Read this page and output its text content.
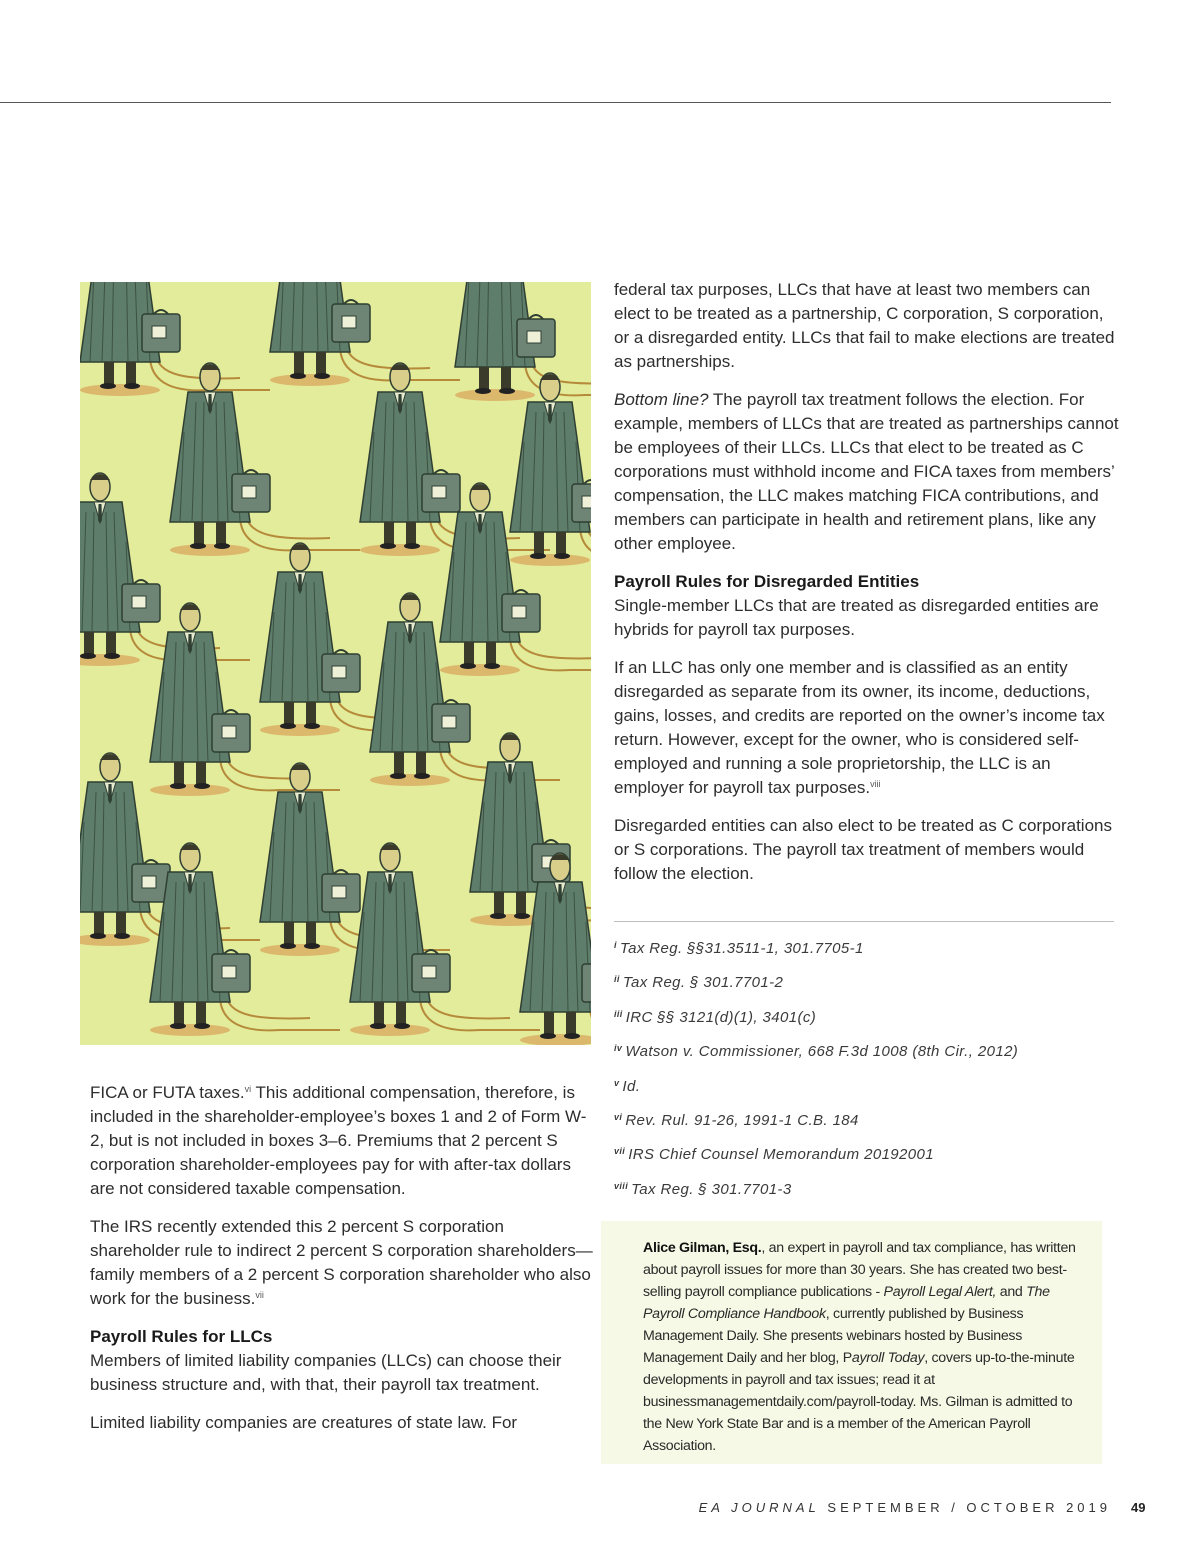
FICA or FUTA taxes.$^{vi}$ This additional compensation, therefore, is included in the shareholder-employee’s boxes 1 and 2 of Form W-2, but is not included in boxes 3–6. Premiums that 2 percent S corporation shareholder-employees pay for with after-tax dollars are not considered taxable compensation.

The IRS recently extended this 2 percent S corporation shareholder rule to indirect 2 percent S corporation shareholders—family members of a 2 percent S corporation shareholder who also work for the business.$^{vii}$

Payroll Rules for LLCs

Members of limited liability companies (LLCs) can choose their business structure and, with that, their payroll tax treatment.

Limited liability companies are creatures of state law. For

federal tax purposes, LLCs that have at least two members can elect to be treated as a partnership, C corporation, S corporation, or a disregarded entity. LLCs that fail to make elections are treated as partnerships.

Bottom line? The payroll tax treatment follows the election. For example, members of LLCs that are treated as partnerships cannot be employees of their LLCs. LLCs that elect to be treated as C corporations must withhold income and FICA taxes from members’ compensation, the LLC makes matching FICA contributions, and members can participate in health and retirement plans, like any other employee.

Payroll Rules for Disregarded Entities

Single-member LLCs that are treated as disregarded entities are hybrids for payroll tax purposes.

If an LLC has only one member and is classified as an entity disregarded as separate from its owner, its income, deductions, gains, losses, and credits are reported on the owner’s income tax return. However, except for the owner, who is considered self-employed and running a sole proprietorship, the LLC is an employer for payroll tax purposes.$^{viii}$

Disregarded entities can also elect to be treated as C corporations or S corporations. The payroll tax treatment of members would follow the election.

$^i$ Tax Reg. §§31.3511-1, 301.7705-1
$^{ii}$ Tax Reg. § 301.7701-2
$^{iii}$ IRC §§ 3121(d)(1), 3401(c)
$^{iv}$ Watson v. Commissioner, 668 F.3d 1008 (8th Cir., 2012)
$^v$ Id.
$^{vi}$ Rev. Rul. 91-26, 1991-1 C.B. 184
$^{vii}$ IRS Chief Counsel Memorandum 20192001
$^{viii}$ Tax Reg. § 301.7701-3
Alice Gilman, Esq., an expert in payroll and tax compliance, has written about payroll issues for more than 30 years. She has created two best-selling payroll compliance publications - Payroll Legal Alert, and The Payroll Compliance Handbook, currently published by Business Management Daily. She presents webinars hosted by Business Management Daily and her blog, Payroll Today, covers up-to-the-minute developments in payroll and tax issues; read it at businessmanagementdaily.com/payroll-today. Ms. Gilman is admitted to the New York State Bar and is a member of the American Payroll Association.
EA JOURNAL SEPTEMBER / OCTOBER 2019 49
